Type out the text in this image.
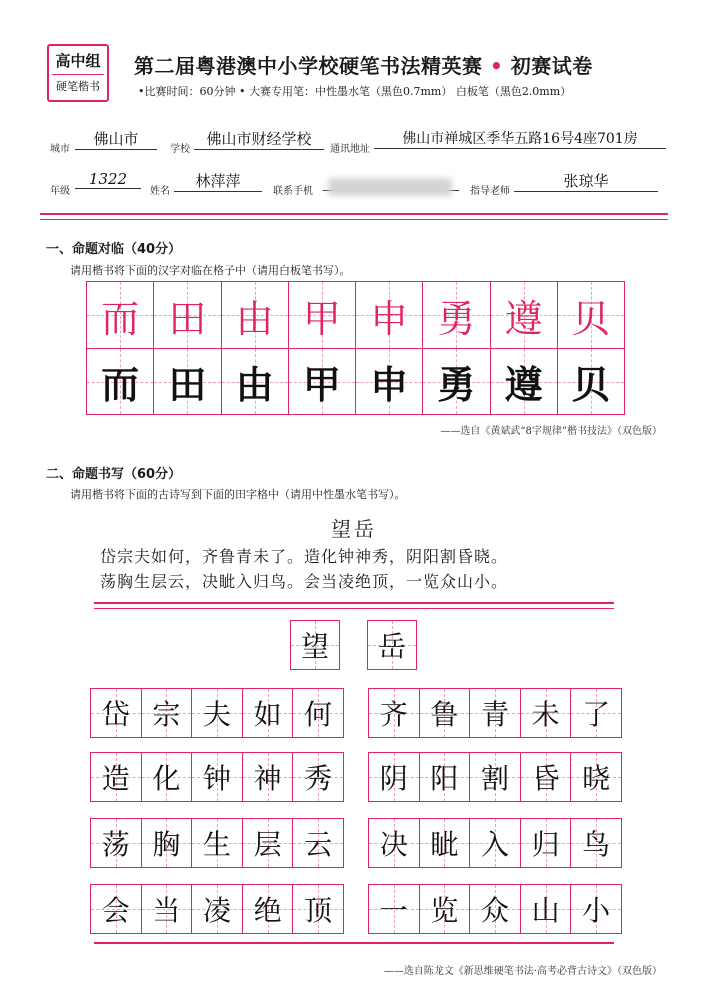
高中组
硬笔楷书
第二届粤港澳中小学校硬笔书法精英赛 • 初赛试卷
•比赛时间：60分钟 • 大赛专用笔：中性墨水笔（黑色0.7mm） 白板笔（黑色2.0mm）
城市
佛山市
学校
佛山市财经学校
通讯地址
佛山市禅城区季华五路16号4座701房
年级
1322
姓名
林萍萍
联系手机	指导老师
张琼华
一、命题对临（40分）
请用楷书将下面的汉字对临在格子中（请用白板笔书写）。
而 田 由 甲 申 勇 遵 贝
而 田 由 甲 申 勇 遵 贝
——选自《黄斌武“8字规律”楷书技法》（双色版）
二、命题书写（60分）
请用楷书将下面的古诗写到下面的田字格中（请用中性墨水笔书写）。
望岳
岱宗夫如何，齐鲁青未了。造化钟神秀，阴阳割昏晓。
荡胸生层云，决眦入归鸟。会当凌绝顶，一览众山小。
望 岳
岱 宗 夫 如 何 齐 鲁 青 未 了
造 化 钟 神 秀 阴 阳 割 昏 晓
荡 胸 生 层 云 决 眦 入 归 鸟
会 当 凌 绝 顶 一 览 众 山 小
——选自陈龙文《新思维硬笔书法·高考必背古诗文》（双色版）
